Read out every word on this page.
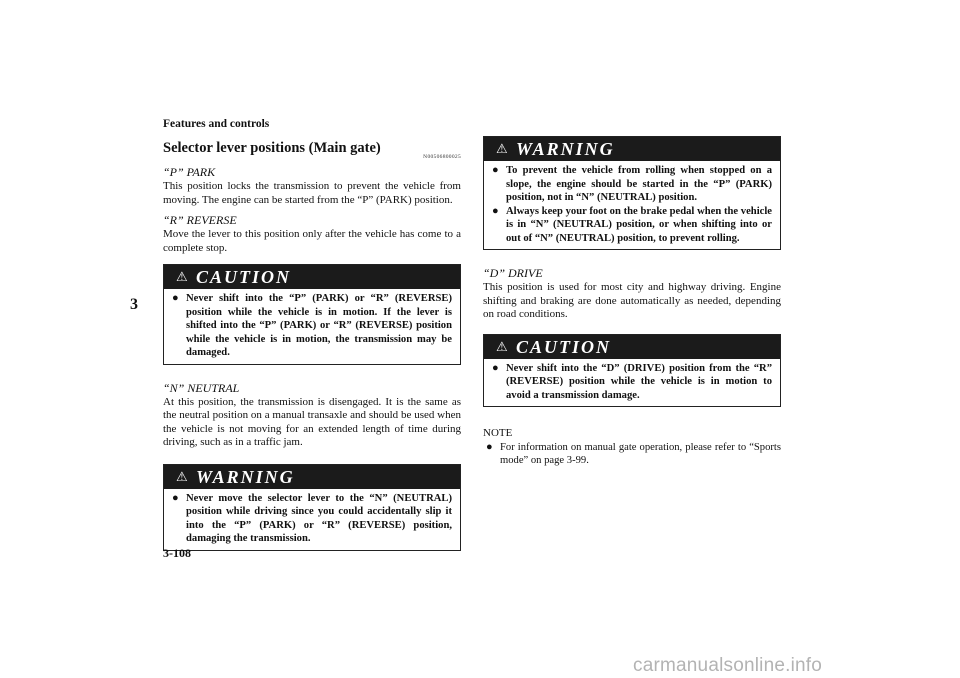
Features and controls
3
Selector lever positions (Main gate)
N00506800025
“P” PARK
This position locks the transmission to prevent the vehicle from moving. The engine can be started from the “P” (PARK) position.
“R” REVERSE
Move the lever to this position only after the vehicle has come to a complete stop.
⚠ CAUTION
● Never shift into the “P” (PARK) or “R” (REVERSE) position while the vehicle is in motion. If the lever is shifted into the “P” (PARK) or “R” (REVERSE) position while the vehicle is in motion, the transmission may be damaged.
“N” NEUTRAL
At this position, the transmission is disengaged. It is the same as the neutral position on a manual transaxle and should be used when the vehicle is not moving for an extended length of time during driving, such as in a traffic jam.
⚠ WARNING
● Never move the selector lever to the “N” (NEUTRAL) position while driving since you could accidentally slip it into the “P” (PARK) or “R” (REVERSE) position, damaging the transmission.
⚠ WARNING
● To prevent the vehicle from rolling when stopped on a slope, the engine should be started in the “P” (PARK) position, not in “N” (NEUTRAL) position.
● Always keep your foot on the brake pedal when the vehicle is in “N” (NEUTRAL) position, or when shifting into or out of “N” (NEUTRAL) position, to prevent rolling.
“D” DRIVE
This position is used for most city and highway driving. Engine shifting and braking are done automatically as needed, depending on road conditions.
⚠ CAUTION
● Never shift into the “D” (DRIVE) position from the “R” (REVERSE) position while the vehicle is in motion to avoid a transmission damage.
NOTE
● For information on manual gate operation, please refer to “Sports mode” on page 3-99.
3-108
carmanualsonline.info
